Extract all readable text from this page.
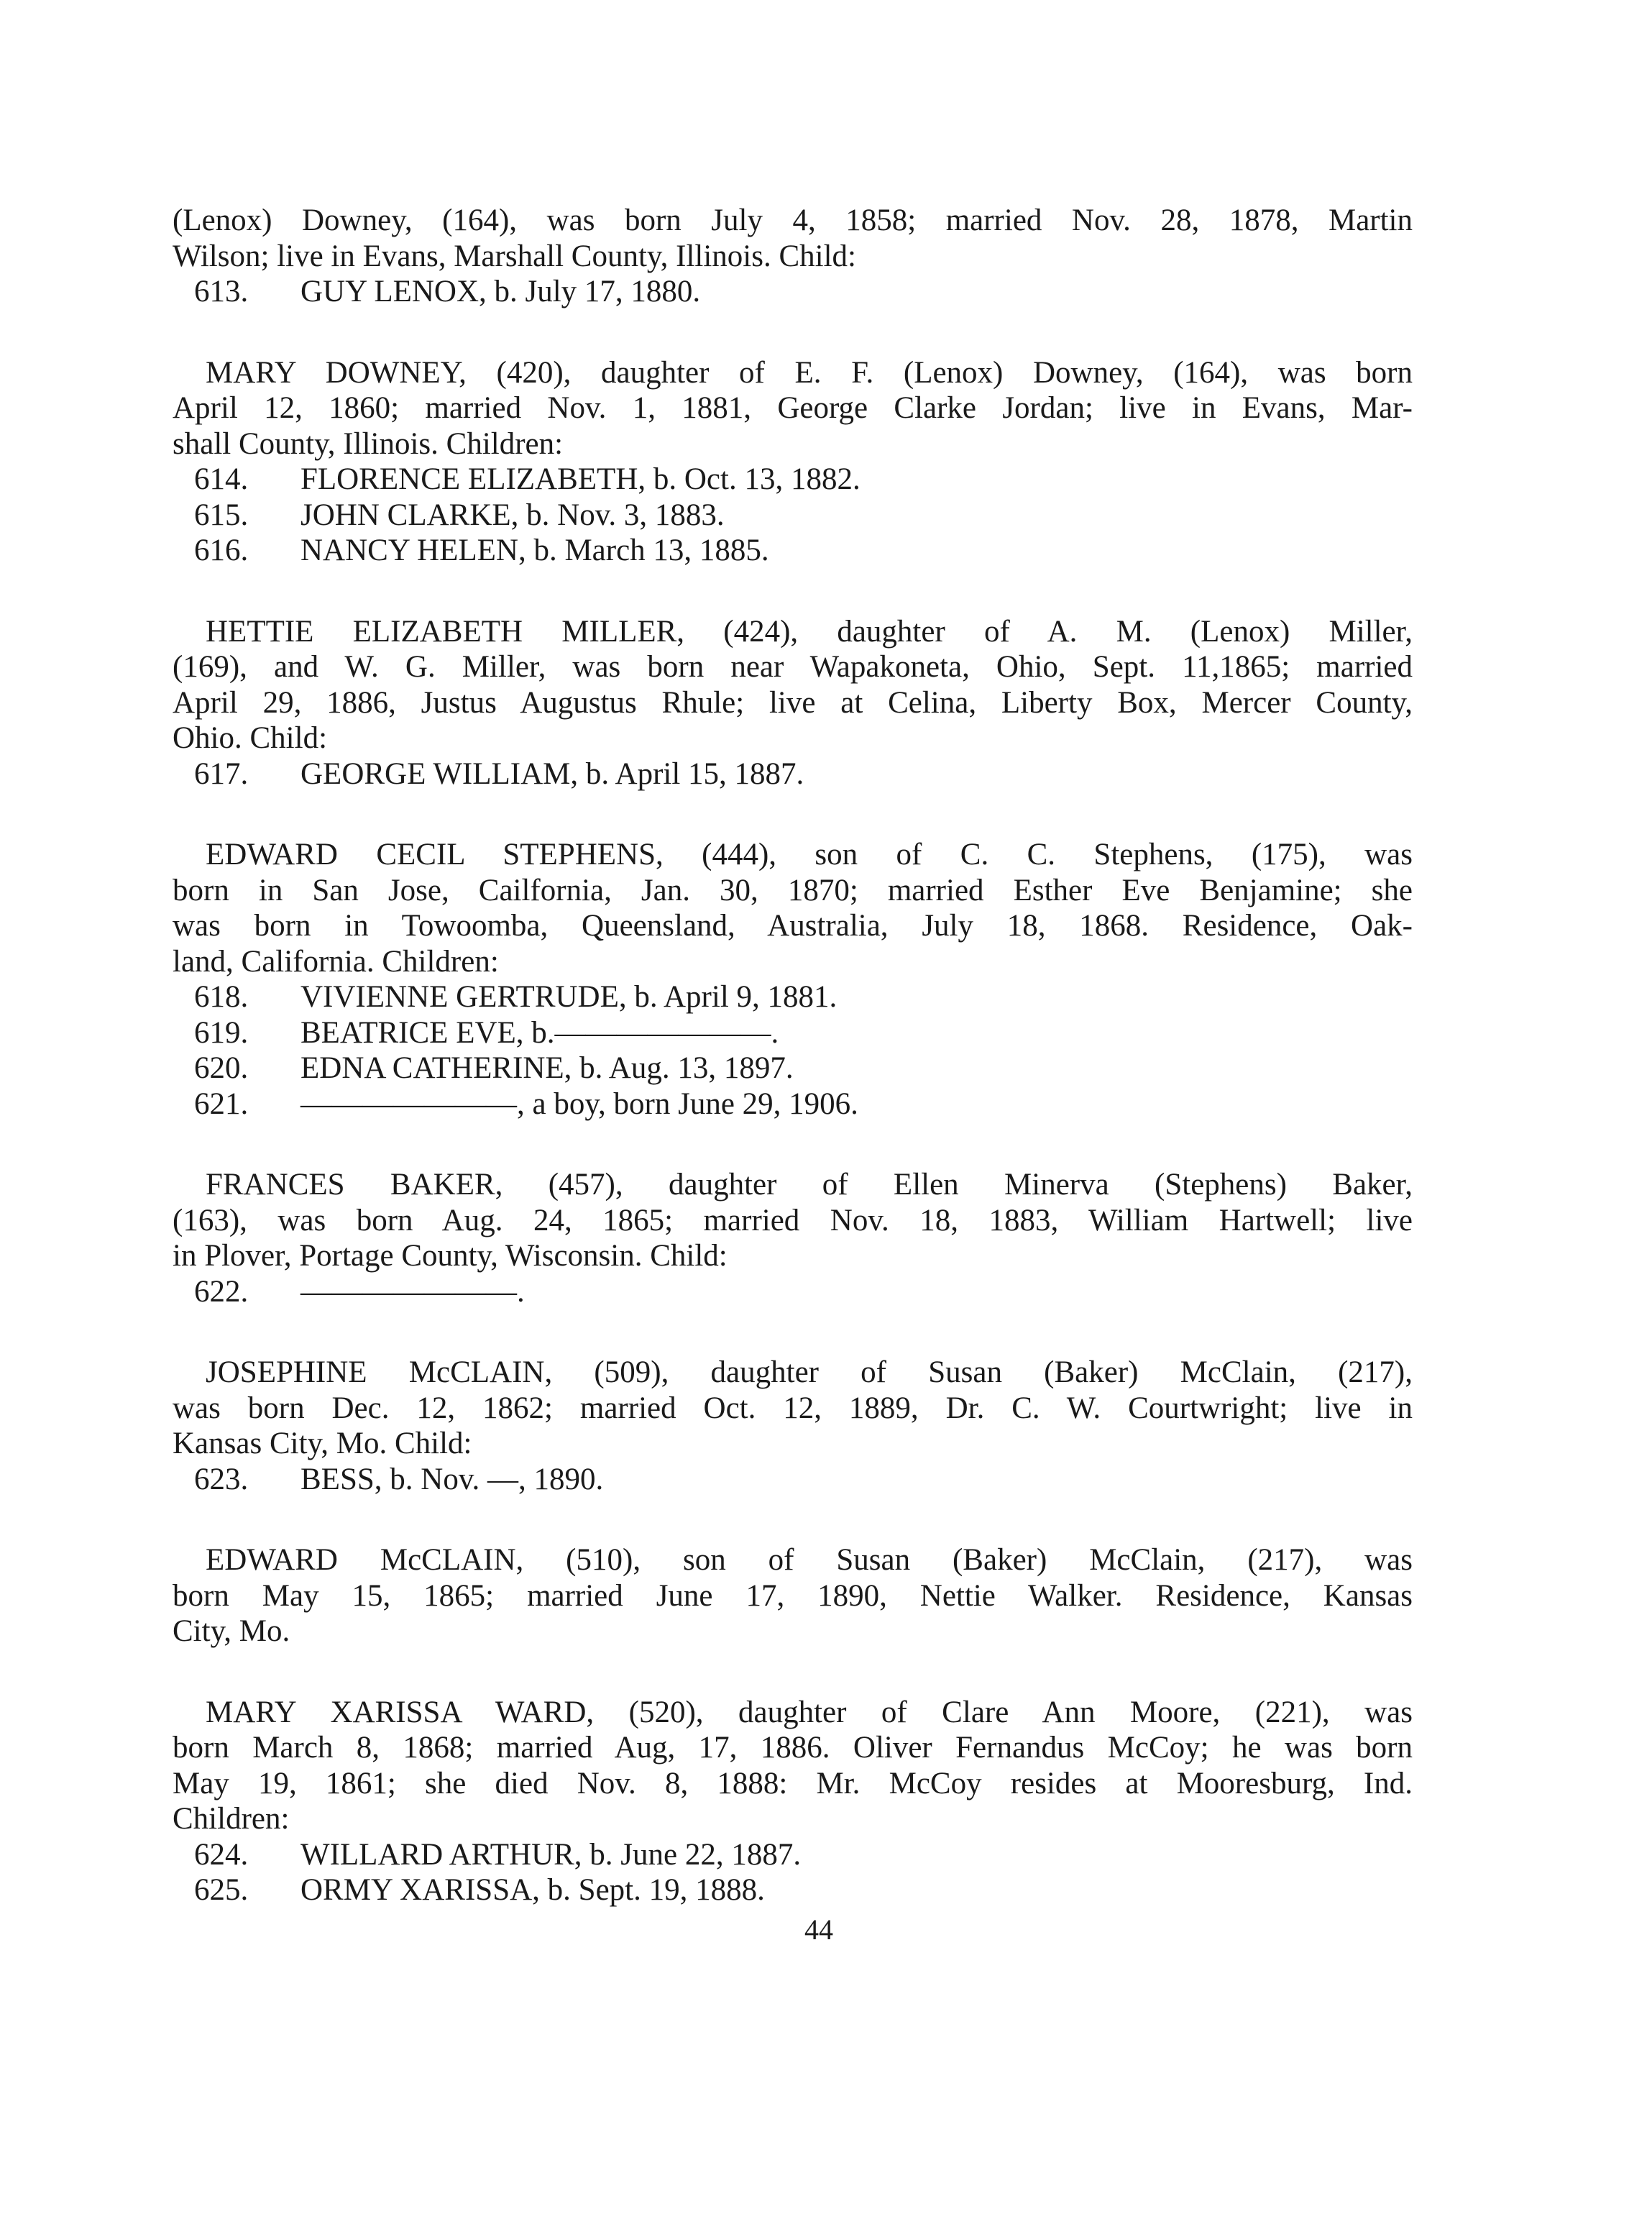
(Lenox) Downey, (164), was born July 4, 1858; married Nov. 28, 1878, Martin
Wilson; live in Evans, Marshall County, Illinois. Child:
613. GUY LENOX, b. July 17, 1880.
MARY DOWNEY, (420), daughter of E. F. (Lenox) Downey, (164), was born
April 12, 1860; married Nov. 1, 1881, George Clarke Jordan; live in Evans, Mar-
shall County, Illinois. Children:
614. FLORENCE ELIZABETH, b. Oct. 13, 1882.
615. JOHN CLARKE, b. Nov. 3, 1883.
616. NANCY HELEN, b. March 13, 1885.
HETTIE ELIZABETH MILLER, (424), daughter of A. M. (Lenox) Miller,
(169), and W. G. Miller, was born near Wapakoneta, Ohio, Sept. 11,1865; married
April 29, 1886, Justus Augustus Rhule; live at Celina, Liberty Box, Mercer County,
Ohio. Child:
617. GEORGE WILLIAM, b. April 15, 1887.
EDWARD CECIL STEPHENS, (444), son of C. C. Stephens, (175), was
born in San Jose, Cailfornia, Jan. 30, 1870; married Esther Eve Benjamine; she
was born in Towoomba, Queensland, Australia, July 18, 1868. Residence, Oak-
land, California. Children:
618. VIVIENNE GERTRUDE, b. April 9, 1881.
619. BEATRICE EVE, b.———————.
620. EDNA CATHERINE, b. Aug. 13, 1897.
621. ———————, a boy, born June 29, 1906.
FRANCES BAKER, (457), daughter of Ellen Minerva (Stephens) Baker,
(163), was born Aug. 24, 1865; married Nov. 18, 1883, William Hartwell; live
in Plover, Portage County, Wisconsin. Child:
622. ———————.
JOSEPHINE McCLAIN, (509), daughter of Susan (Baker) McClain, (217),
was born Dec. 12, 1862; married Oct. 12, 1889, Dr. C. W. Courtwright; live in
Kansas City, Mo. Child:
623. BESS, b. Nov. —, 1890.
EDWARD McCLAIN, (510), son of Susan (Baker) McClain, (217), was
born May 15, 1865; married June 17, 1890, Nettie Walker. Residence, Kansas
City, Mo.
MARY XARISSA WARD, (520), daughter of Clare Ann Moore, (221), was
born March 8, 1868; married Aug, 17, 1886. Oliver Fernandus McCoy; he was born
May 19, 1861; she died Nov. 8, 1888: Mr. McCoy resides at Mooresburg, Ind.
Children:
624. WILLARD ARTHUR, b. June 22, 1887.
625. ORMY XARISSA, b. Sept. 19, 1888.
44
